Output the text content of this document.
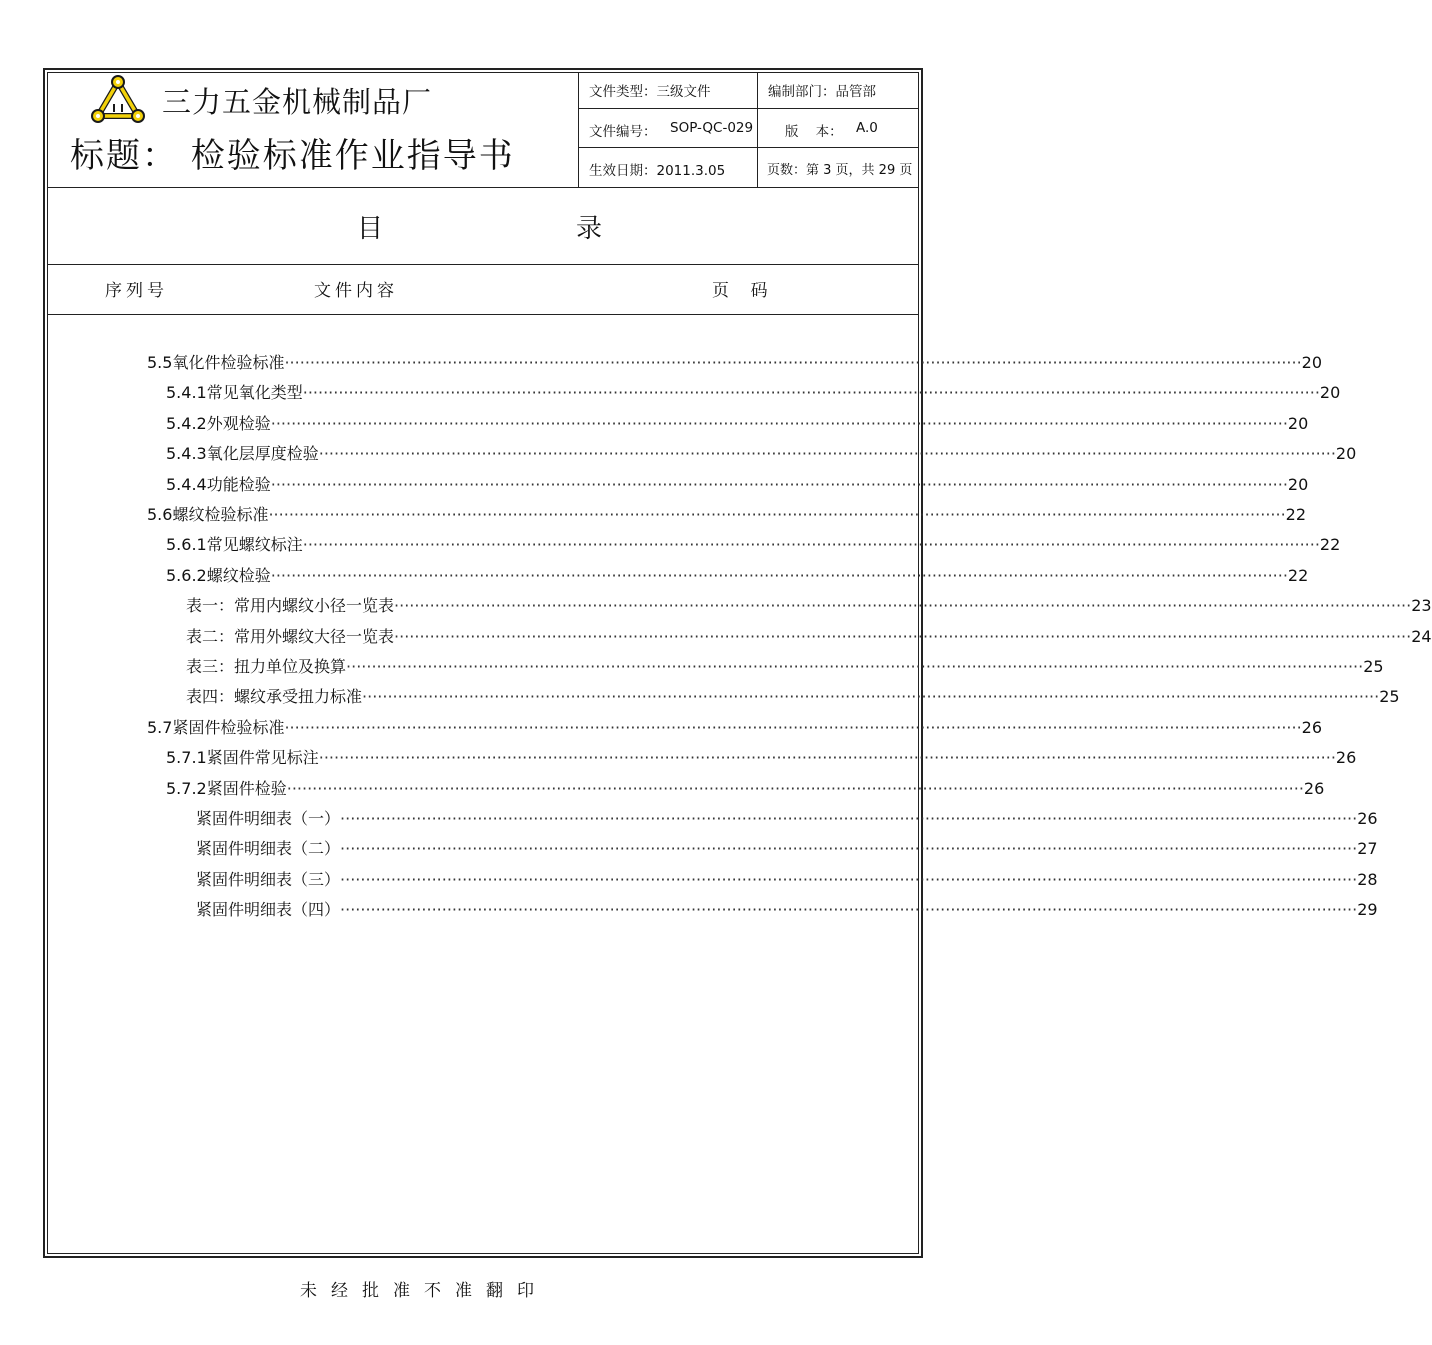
三力五金机械制品厂
标题： 检验标准作业指导书
文件类型：三级文件	编制部门：品管部
文件编号： SOP-QC-029 版    本： A.0
生效日期：2011.3.05	页数：第 3 页，共 29 页
目	录
序列号	文件内容	页    码
5.5 氧化件检验标准 ········································································································································································································ 20
5.4.1 常见氧化类型 ········································································································································································································ 20
5.4.2 外观检验 ········································································································································································································ 20
5.4.3 氧化层厚度检验 ········································································································································································································ 20
5.4.4 功能检验 ········································································································································································································ 20
5.6 螺纹检验标准 ········································································································································································································ 22
5.6.1 常见螺纹标注 ········································································································································································································ 22
5.6.2 螺纹检验 ········································································································································································································ 22
表一：常用内螺纹小径一览表 ········································································································································································································ 23
表二：常用外螺纹大径一览表 ········································································································································································································ 24
表三：扭力单位及换算 ········································································································································································································ 25
表四：螺纹承受扭力标准 ········································································································································································································ 25
5.7 紧固件检验标准 ········································································································································································································ 26
5.7.1 紧固件常见标注 ········································································································································································································ 26
5.7.2 紧固件检验 ········································································································································································································ 26
紧固件明细表（一） ········································································································································································································ 26
紧固件明细表（二） ········································································································································································································ 27
紧固件明细表（三） ········································································································································································································ 28
紧固件明细表（四） ········································································································································································································ 29
未经批准不准翻印
